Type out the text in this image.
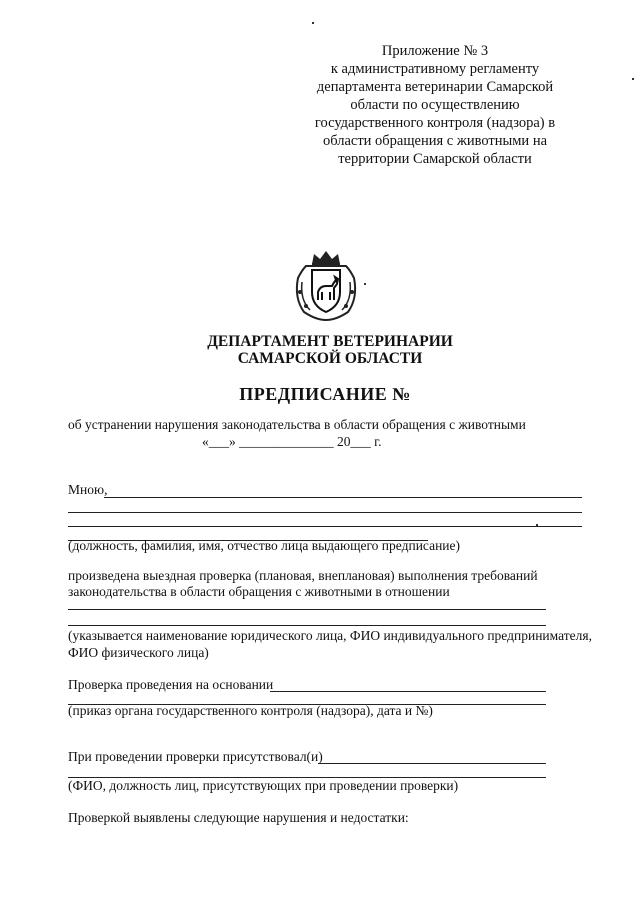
Приложение № 3
к административному регламенту
департамента ветеринарии Самарской
области по осуществлению
государственного контроля (надзора) в
области обращения с животными на
территории Самарской области
ДЕПАРТАМЕНТ ВЕТЕРИНАРИИ
САМАРСКОЙ ОБЛАСТИ
ПРЕДПИСАНИЕ №
об устранении нарушения законодательства в области обращения с животными
«___» ______________ 20___ г.
Мною,
(должность, фамилия, имя, отчество лица выдающего предписание)
произведена выездная проверка (плановая, внеплановая) выполнения требований
законодательства в области обращения с животными в отношении
(указывается наименование юридического лица, ФИО индивидуального предпринимателя,
ФИО физического лица)
Проверка проведения на основании
(приказ органа государственного контроля (надзора), дата и №)
При проведении проверки присутствовал(и)
(ФИО, должность лиц, присутствующих при проведении проверки)
Проверкой выявлены следующие нарушения и недостатки:
